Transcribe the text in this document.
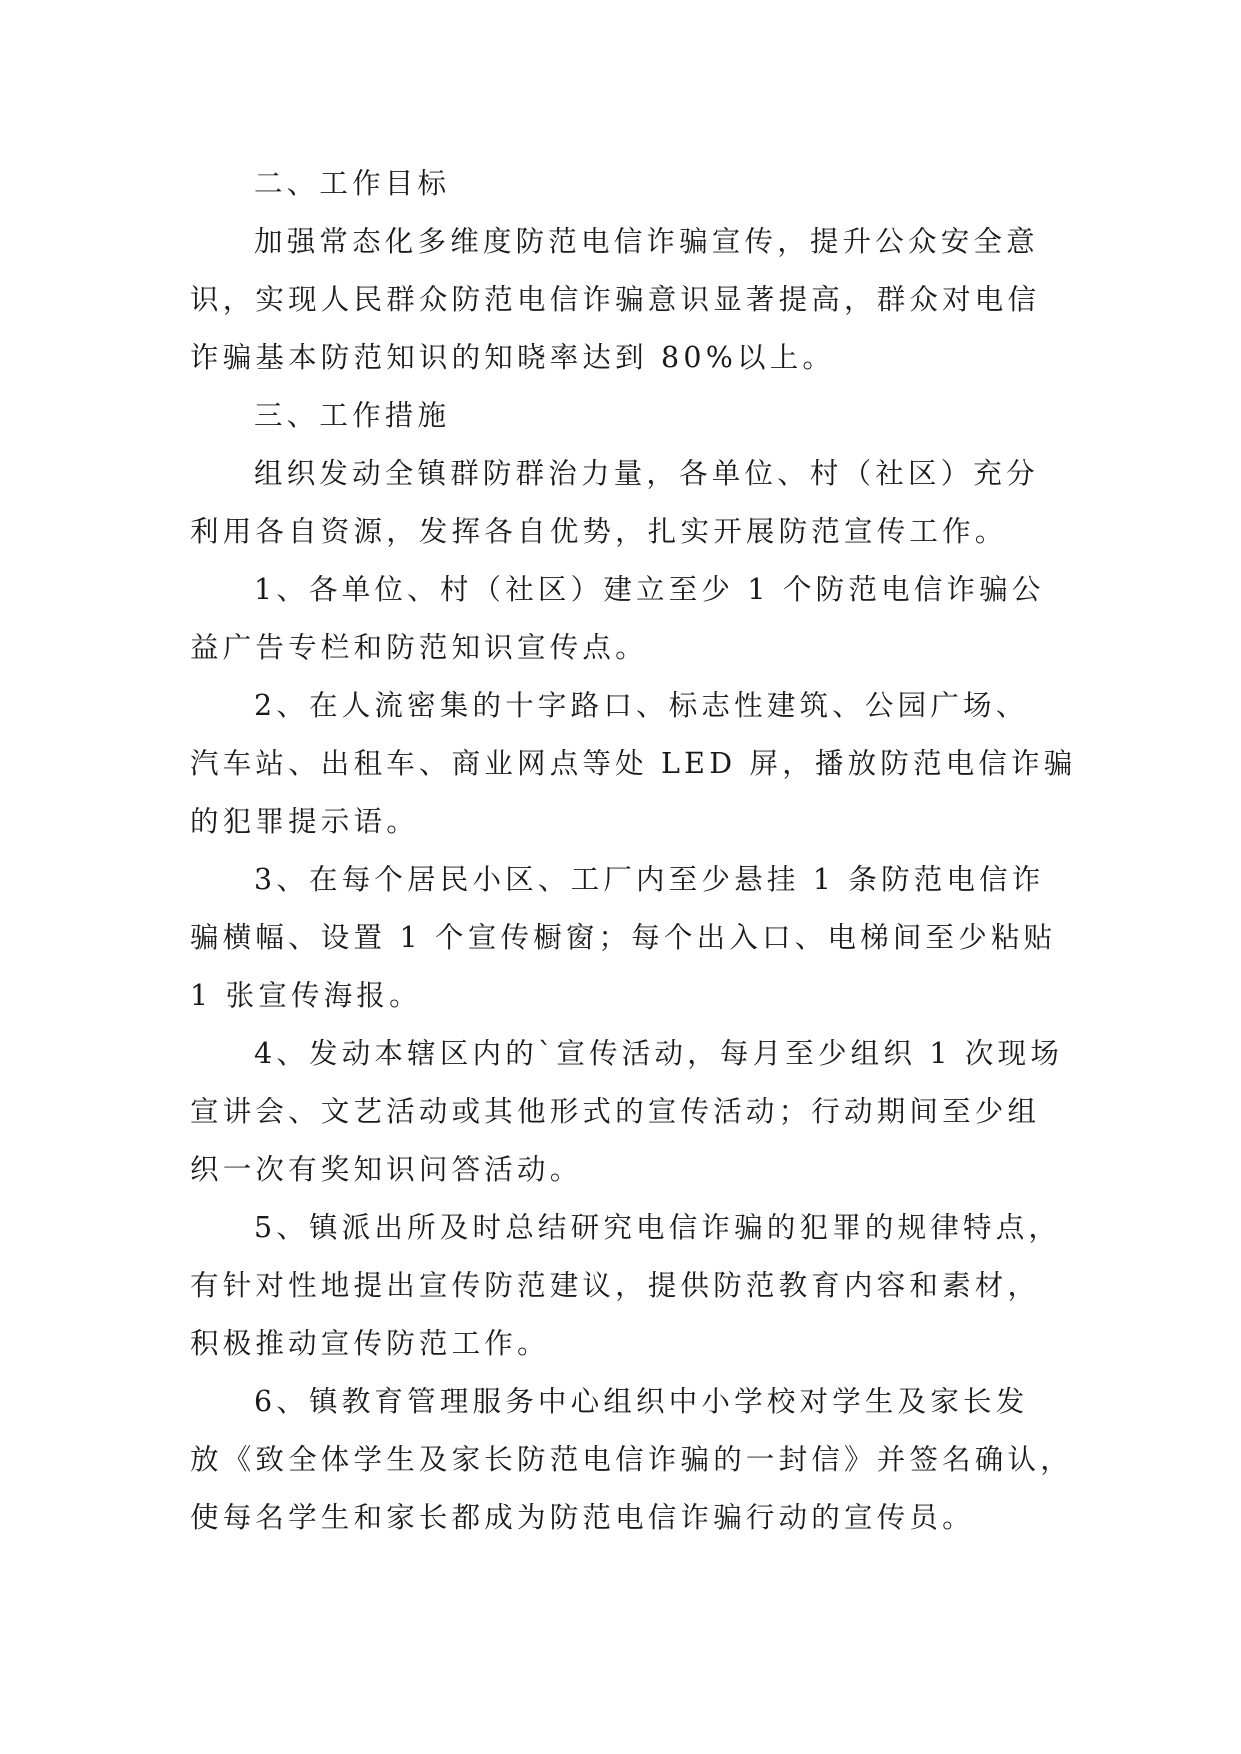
二、工作目标
加强常态化多维度防范电信诈骗宣传，提升公众安全意
识，实现人民群众防范电信诈骗意识显著提高，群众对电信
诈骗基本防范知识的知晓率达到 80%以上。
三、工作措施
组织发动全镇群防群治力量，各单位、村（社区）充分
利用各自资源，发挥各自优势，扎实开展防范宣传工作。
1、各单位、村（社区）建立至少 1 个防范电信诈骗公
益广告专栏和防范知识宣传点。
2、在人流密集的十字路口、标志性建筑、公园广场、
汽车站、出租车、商业网点等处 LED 屏，播放防范电信诈骗
的犯罪提示语。
3、在每个居民小区、工厂内至少悬挂 1 条防范电信诈
骗横幅、设置 1 个宣传橱窗；每个出入口、电梯间至少粘贴
1 张宣传海报。
4、发动本辖区内的`宣传活动，每月至少组织 1 次现场
宣讲会、文艺活动或其他形式的宣传活动；行动期间至少组
织一次有奖知识问答活动。
5、镇派出所及时总结研究电信诈骗的犯罪的规律特点，
有针对性地提出宣传防范建议，提供防范教育内容和素材，
积极推动宣传防范工作。
6、镇教育管理服务中心组织中小学校对学生及家长发
放《致全体学生及家长防范电信诈骗的一封信》并签名确认，
使每名学生和家长都成为防范电信诈骗行动的宣传员。
